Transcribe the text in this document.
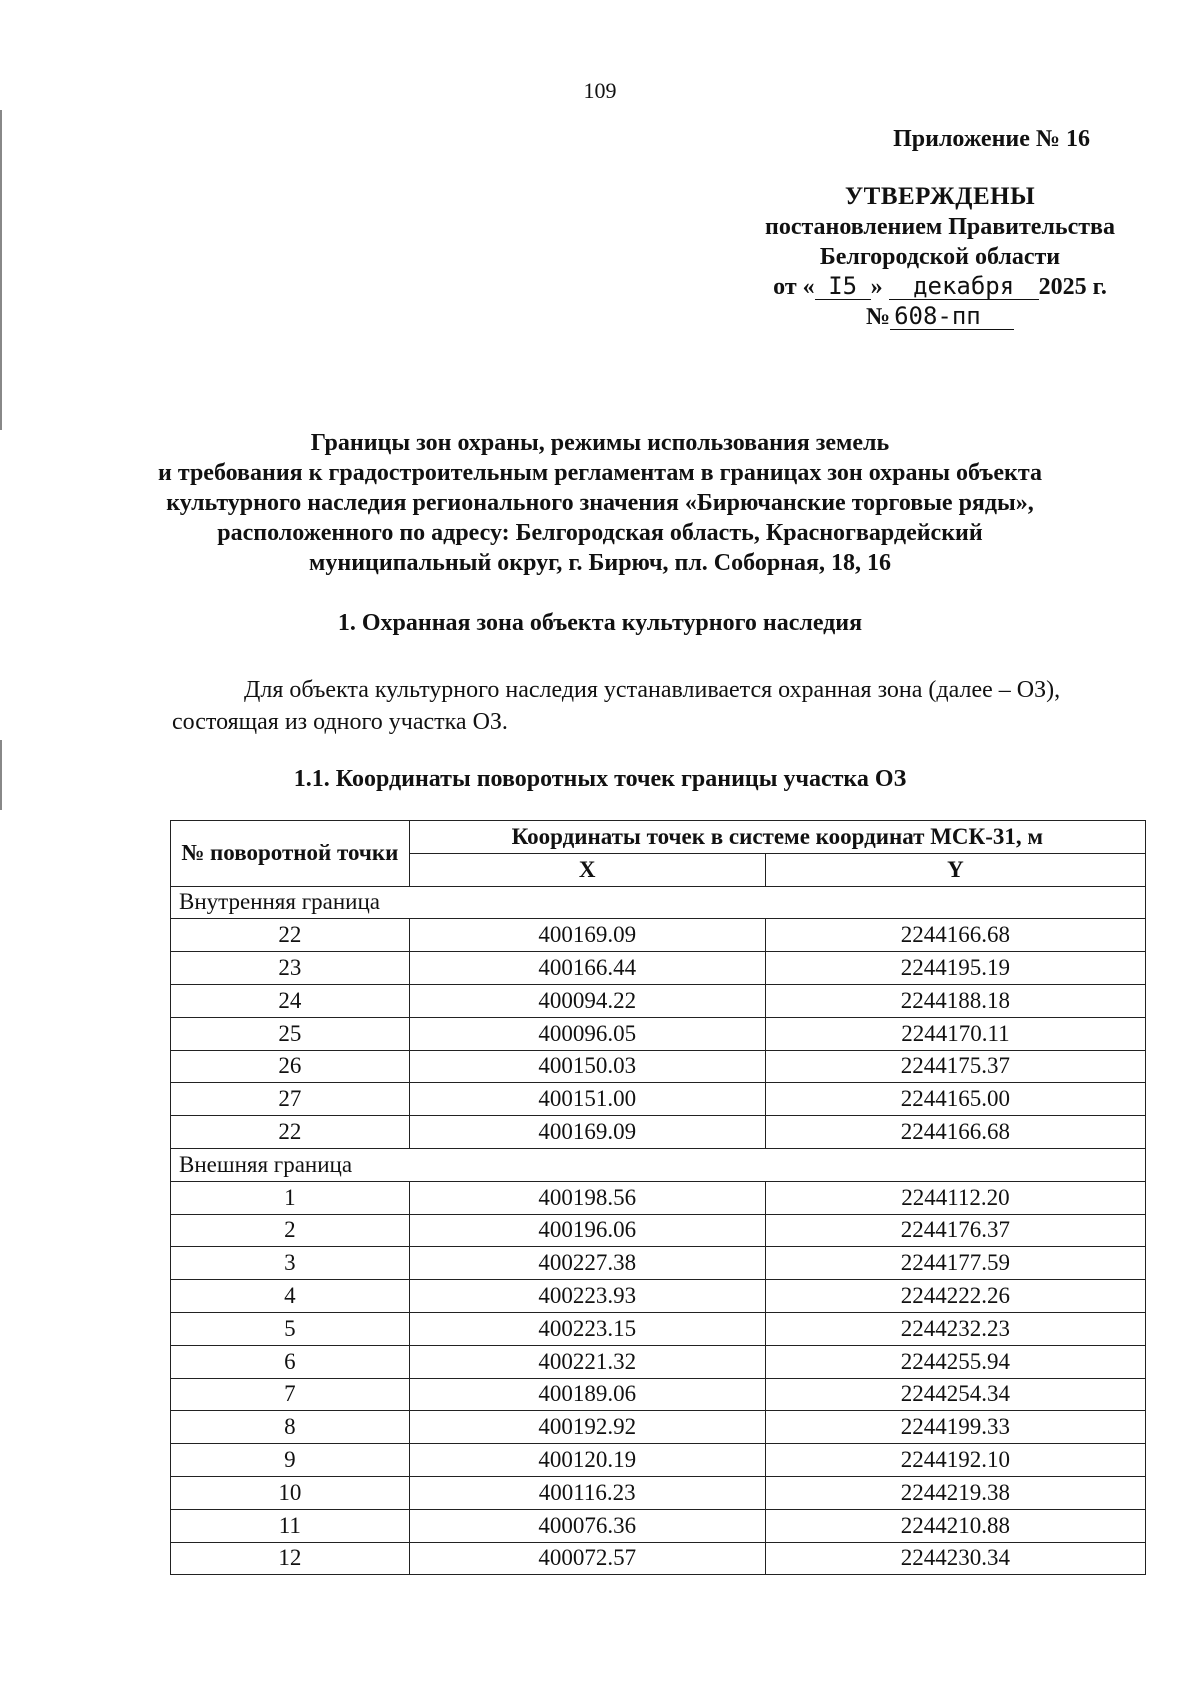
109
Приложение № 16
УТВЕРЖДЕНЫ
постановлением Правительства
Белгородской области
от « I5 » декабря 2025 г.
№ 608-пп
Границы зон охраны, режимы использования земель
и требования к градостроительным регламентам в границах зон охраны объекта
культурного наследия регионального значения «Бирючанские торговые ряды»,
расположенного по адресу: Белгородская область, Красногвардейский
муниципальный округ, г. Бирюч, пл. Соборная, 18, 16
1. Охранная зона объекта культурного наследия
Для объекта культурного наследия устанавливается охранная зона (далее – ОЗ),
состоящая из одного участка ОЗ.
1.1. Координаты поворотных точек границы участка ОЗ
№ поворотной точки	Координаты точек в системе координат МСК-31, м	
	X	Y
Внутренняя граница		
22	400169.09	2244166.68
23	400166.44	2244195.19
24	400094.22	2244188.18
25	400096.05	2244170.11
26	400150.03	2244175.37
27	400151.00	2244165.00
22	400169.09	2244166.68
Внешняя граница		
1	400198.56	2244112.20
2	400196.06	2244176.37
3	400227.38	2244177.59
4	400223.93	2244222.26
5	400223.15	2244232.23
6	400221.32	2244255.94
7	400189.06	2244254.34
8	400192.92	2244199.33
9	400120.19	2244192.10
10	400116.23	2244219.38
11	400076.36	2244210.88
12	400072.57	2244230.34
